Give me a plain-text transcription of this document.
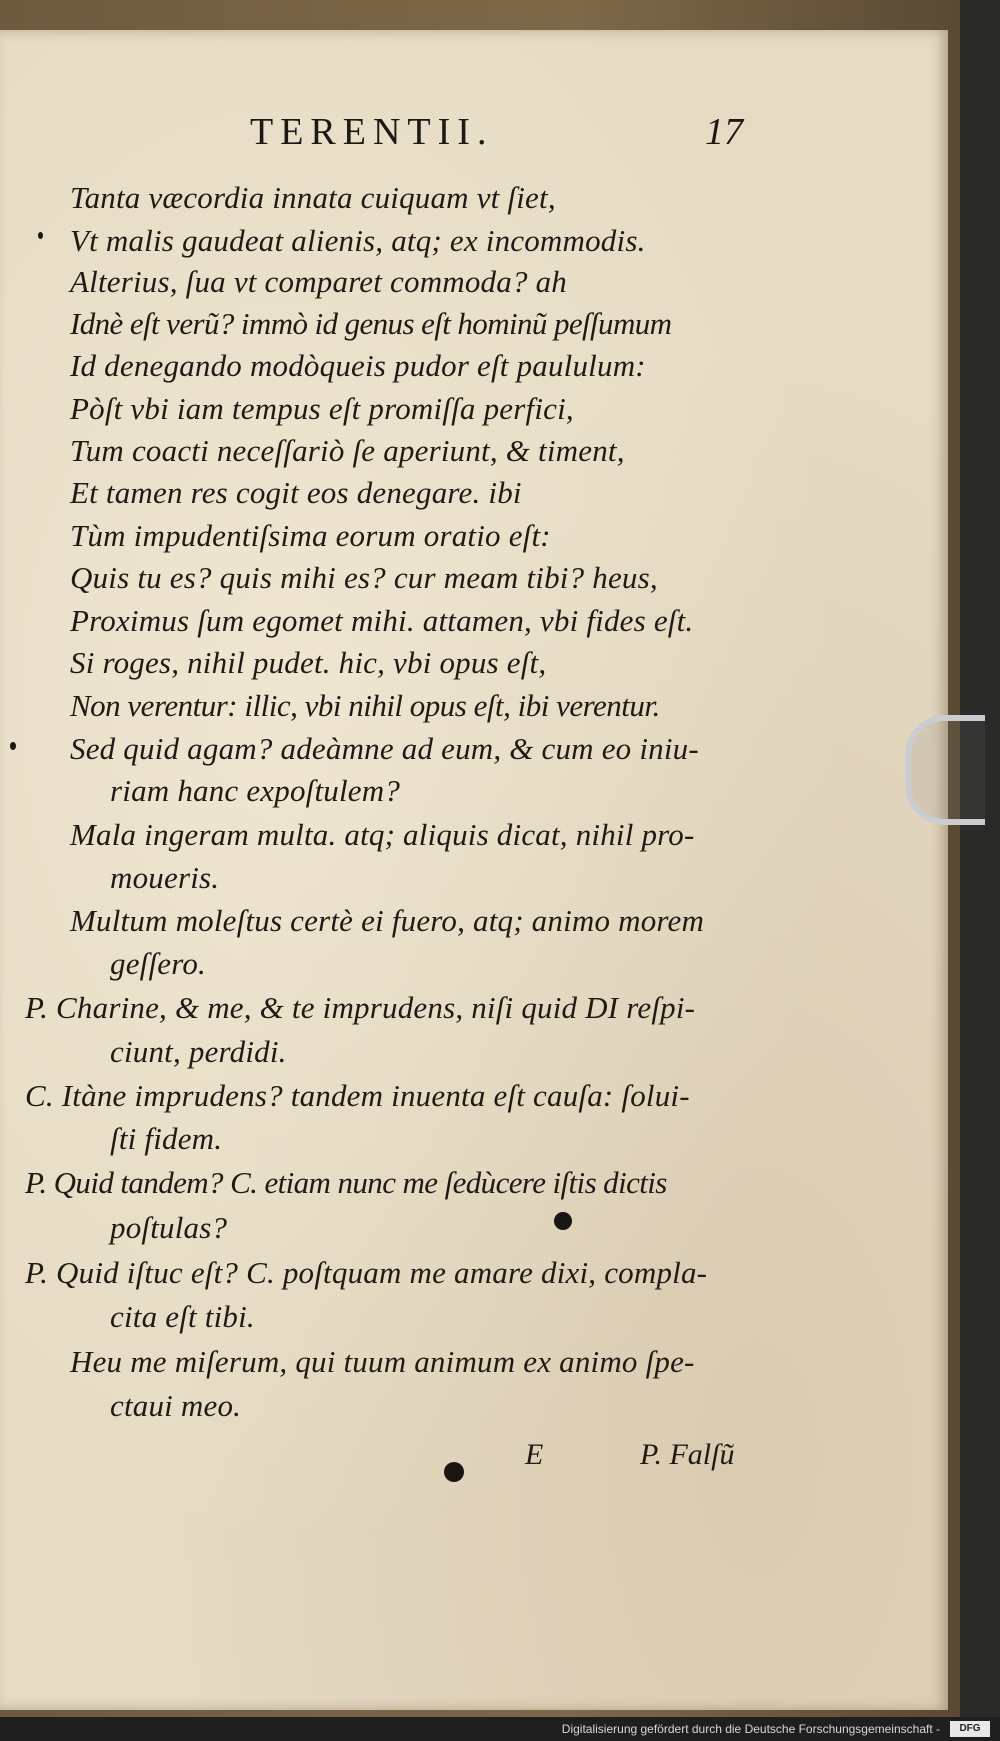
TERENTII.	17
Tanta væcordia innata cuiquam vt ſiet,
Vt malis gaudeat alienis, atq; ex incommodis.
Alterius, ſua vt comparet commoda? ah
Idnè eſt verũ? immò id genus eſt hominũ peſſumum
Id denegando modòqueis pudor eſt paululum:
Pòſt vbi iam tempus eſt promiſſa perfici,
Tum coacti neceſſariò ſe aperiunt, & timent,
Et tamen res cogit eos denegare. ibi
Tùm impudentiſsima eorum oratio eſt:
Quis tu es? quis mihi es? cur meam tibi? heus,
Proximus ſum egomet mihi. attamen, vbi fides eſt.
Si roges, nihil pudet. hic, vbi opus eſt,
Non verentur: illic, vbi nihil opus eſt, ibi verentur.
Sed quid agam? adeàmne ad eum, & cum eo iniu-
riam hanc expoſtulem?
Mala ingeram multa. atq; aliquis dicat, nihil pro-
moueris.
Multum moleſtus certè ei fuero, atq; animo morem
geſſero.
P. Charine, & me, & te imprudens, niſi quid DI reſpi-
ciunt, perdidi.
C. Itàne imprudens? tandem inuenta eſt cauſa: ſolui-
ſti fidem.
P. Quid tandem? C. etiam nunc me ſedùcere iſtis dictis
poſtulas?
P. Quid iſtuc eſt? C. poſtquam me amare dixi, compla-
cita eſt tibi.
Heu me miſerum, qui tuum animum ex animo ſpe-
ctaui meo.
E	P. Falſũ
Digitalisierung gefördert durch die Deutsche Forschungsgemeinschaft -	DFG
